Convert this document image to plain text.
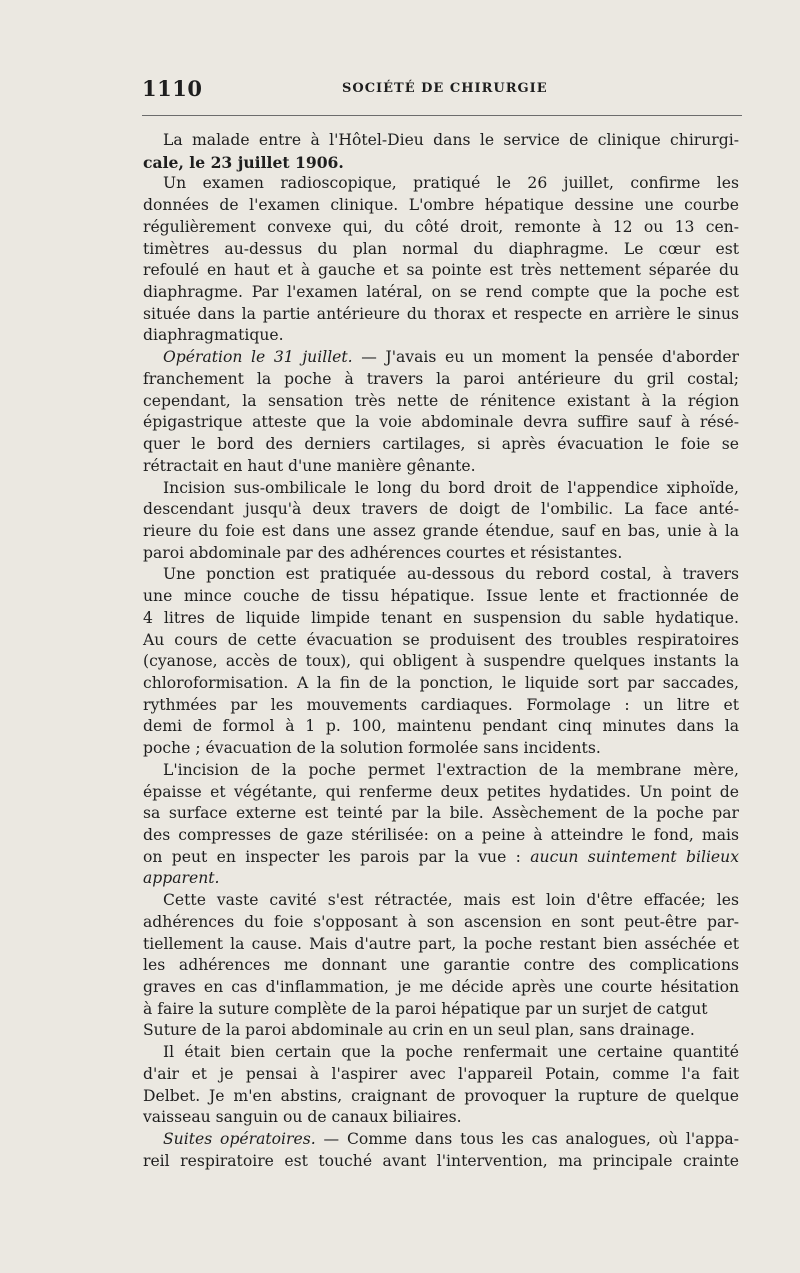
1110	SOCIÉTÉ DE CHIRURGIE
La malade entre à l'Hôtel-Dieu dans le service de clinique chirurgi-
cale, le 23 juillet 1906.
Un examen radioscopique, pratiqué le 26 juillet, confirme les
données de l'examen clinique. L'ombre hépatique dessine une courbe
régulièrement convexe qui, du côté droit, remonte à 12 ou 13 cen-
timètres au-dessus du plan normal du diaphragme. Le cœur est
refoulé en haut et à gauche et sa pointe est très nettement séparée du
diaphragme. Par l'examen latéral, on se rend compte que la poche est
située dans la partie antérieure du thorax et respecte en arrière le sinus
diaphragmatique.
Opération le 31 juillet. — J'avais eu un moment la pensée d'aborder
franchement la poche à travers la paroi antérieure du gril costal;
cependant, la sensation très nette de rénitence existant à la région
épigastrique atteste que la voie abdominale devra suffire sauf à résé-
quer le bord des derniers cartilages, si après évacuation le foie se
rétractait en haut d'une manière gênante.
Incision sus-ombilicale le long du bord droit de l'appendice xiphoïde,
descendant jusqu'à deux travers de doigt de l'ombilic. La face anté-
rieure du foie est dans une assez grande étendue, sauf en bas, unie à la
paroi abdominale par des adhérences courtes et résistantes.
Une ponction est pratiquée au-dessous du rebord costal, à travers
une mince couche de tissu hépatique. Issue lente et fractionnée de
4 litres de liquide limpide tenant en suspension du sable hydatique.
Au cours de cette évacuation se produisent des troubles respiratoires
(cyanose, accès de toux), qui obligent à suspendre quelques instants la
chloroformisation. A la fin de la ponction, le liquide sort par saccades,
rythmées par les mouvements cardiaques. Formolage : un litre et
demi de formol à 1 p. 100, maintenu pendant cinq minutes dans la
poche ; évacuation de la solution formolée sans incidents.
L'incision de la poche permet l'extraction de la membrane mère,
épaisse et végétante, qui renferme deux petites hydatides. Un point de
sa surface externe est teinté par la bile. Assèchement de la poche par
des compresses de gaze stérilisée: on a peine à atteindre le fond, mais
on peut en inspecter les parois par la vue : aucun suintement bilieux
apparent.
Cette vaste cavité s'est rétractée, mais est loin d'être effacée; les
adhérences du foie s'opposant à son ascension en sont peut-être par-
tiellement la cause. Mais d'autre part, la poche restant bien asséchée et
les adhérences me donnant une garantie contre des complications
graves en cas d'inflammation, je me décide après une courte hésitation
à faire la suture complète de la paroi hépatique par un surjet de catgut
Suture de la paroi abdominale au crin en un seul plan, sans drainage.
Il était bien certain que la poche renfermait une certaine quantité
d'air et je pensai à l'aspirer avec l'appareil Potain, comme l'a fait
Delbet. Je m'en abstins, craignant de provoquer la rupture de quelque
vaisseau sanguin ou de canaux biliaires.
Suites opératoires. — Comme dans tous les cas analogues, où l'appa-
reil respiratoire est touché avant l'intervention, ma principale crainte
